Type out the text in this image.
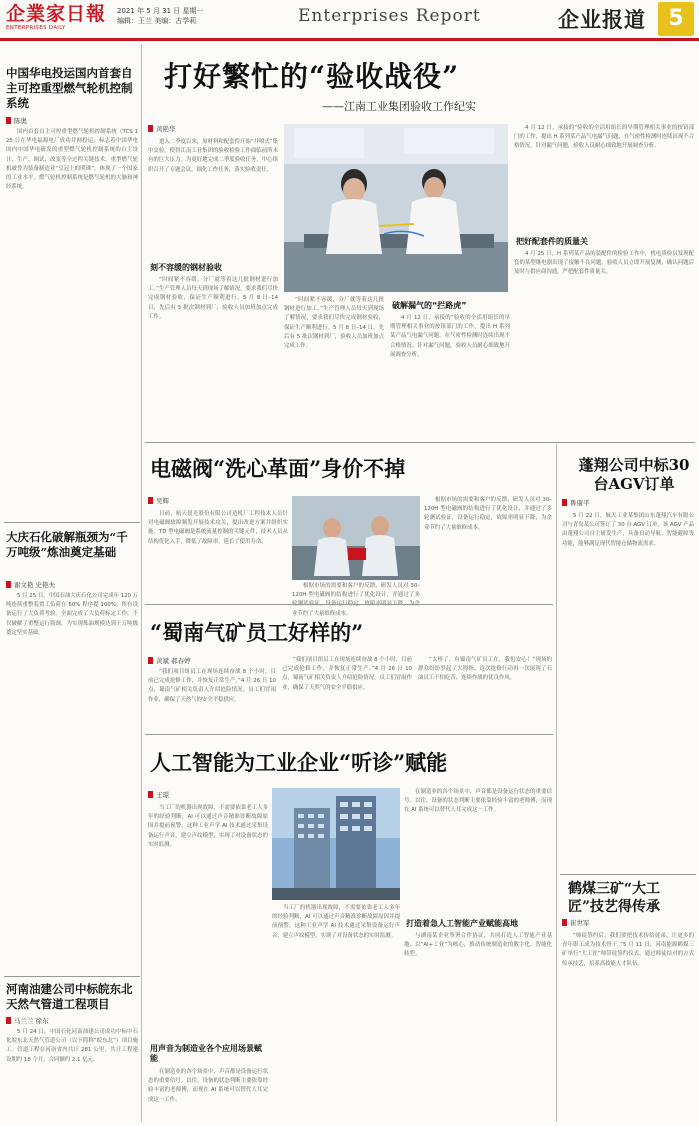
企業家日報
ENTERPRISES DAILY
2021 年 5 月 31 日 星期一
编辑：王兰 美编：古学莉	Enterprises Report	企业报道	5
中国华电投运国内首套自主可控重型燃气轮机控制系统
陈奥

国内首套自主可控重型燃气轮机控制系统（TCS 125 日在华电福源电厂成功并网投运，标志着中国华电国内中国华电研发的重型燃气轮机控制系统的自主设计，生产、调试，改变等全过程关键技术。重型燃气轮机被誉为装备制造业“皇冠上的明珠”，体现了一个国家的工业水平。燃气轮机控制系统是燃气轮机的大脑和神经系统。

大庆石化破解瓶颈为“千万吨级”炼油奠定基础
谢文艳 史艳夫

5 月 25 日，中国石油大庆石化公司完成年 120 万吨连续重整装置工负荷在 60% 程序提 100%，所有设备运行了大负荷考验。全面完成了大负荷标定工作，不仅破解了重整运行瓶颈，为实现炼油规模达到千万吨级奠定坚实基础。

河南油建公司中标皖东北天然气管道工程项目
马兰兰 徐东

5 月 24 日，中国石化河南油建公司成功中标中石化皖东北天然气管道公司（以下简称“皖东北”）项目施工。管道工程在河南省内共计 281 公里，共计工程建设期约 18 个月，合同额约 2.1 亿元。

打好繁忙的“验收战役”
——江南工业集团验收工作纪实
黄艳华

进入二季度以来，原材料和配套件开始“井喷式”集中交验，使得江南工业集团的验收检验工作面临前所未有的巨大压力。为更好地完成二季度验收任务，中心组织召开了专题会议，细化工作任务，落实验收责任。

刻不容缓的钢材验收

“时间紧不容缓，分厂就等着这几批钢材进行加工。”生产管理人员每天到现场了解情况，要求我们尽快完成钢材验收，保证生产顺利进行。5 月 8 日–14 日，先后有 5 批次钢材到厂，验收人员加班加点完成工作。

“时间紧不容缓，分厂就等着这几批钢材进行加工。”生产管理人员每天到现场了解情况，要求我们尽快完成钢材验收，保证生产顺利进行。5 月 8 日–14 日，先后有 5 批次钢材到厂，验收人员加班加点完成工作。

破解漏气的“拦路虎”

4 月 12 日，承接的“验收的全活用组长的早期管理相关事业的按钮部门的工作，提出 H 系列某产品气电漏气问题，在气密性检测时连续出现不合格情况。针对漏气问题，验收人员耐心细致地开展调查分析。

4 月 12 日，承接的“验收的全活用组长的早期管理相关事业的按钮部门的工作，提出 H 系列某产品气电漏气问题，在气密性检测时连续出现不合格情况。针对漏气问题，验收人员耐心细致地开展调查分析。

把好配套件的质量关

4 月 25 日，H 系列某产品的装配件的检验工作中，机电质检员发现配套的某型继电器出现了接触不良问题。验收人员立即开展复测，确认问题后及时与供应商沟通，严把配套件质量关。

电磁阀“洗心革面”身价不掉
吴辉

日前，航天晨光股份有限公司造机厂工程技术人员针对电磁阀故障频发开展技术攻关，提出改进方案并组织实施。TD 型电磁阀是系统流量控制的关键元件，技术人员从结构优化入手，降低了故障率，延长了使用寿命。

根据市场的需要和客户的反馈，研发人员对 30–120H 型电磁阀的结构进行了优化设计，并通过了多 业节约了大量维修成本。

根据市场的需要和客户的反馈，研发人员对 30–120H 型电磁阀的结构进行了优化设计，并通过了多轮测试验证，设备运行稳定，故障率明显下降，为企业节约了大量维修成本。

“蜀南气矿员工好样的”
黄斌 郝春婷

“我们项目组员工在现场连续奋战 8 个小时，目前已完成抢修工作，并恢复正常生产。”4 月 26 日 10 点，蜀南气矿相关负责人介绍抢险情况。员工们冒雨作业，确保了天然气的安全平稳供应。

“我们项目组员工在现场连续奋战 8 个小时，目前已完成抢修工作，并恢复正常生产。”4 月 26 日 10 点，蜀南气矿相关负责人介绍抢险情况。员工们冒雨作业，确保了天然气的安全平稳供应。

“太棒了，有蜀南气矿员工在，我们安心！”现场的群众纷纷竖起了大拇指。这次抢修行动再一次展现了石油员工不怕吃苦、连续作战的优良作风。

人工智能为工业企业“听诊”赋能
王璟

当工厂的机器出现故障，不需要依靠老工人多年的经验判断，AI 可以通过声音精准诊断故障原因并提前预警。这种工业声学 AI 技术通过采集设备运行声音，建立声纹模型，实现了对设备状态的实时监测。

用声音为制造业各个应用场景赋能

在制造业的各个场景中，声音都是设备运行状态的重要信号。以往，设备的状态判断主要依靠经验丰富的老师傅，而现在 AI 系统可以替代人耳完成这一工作。

当工厂的机器出现故障，不需要依靠老工人多年的经验判断，AI 可以通过声音精准诊断故障原因并提前预警。这种工业声学 AI 技术通过采集设备运行声音，建立声纹模型，实现了对设备状态的实时监测。

在制造业的各个场景中，声音都是设备运行状态的重要信号。以往，设备的状态判断主要依靠经验丰富的老师傅，而现在 AI 系统可以替代人耳完成这一工作。

打造着急人工智能产业赋能高地

与湖南某企业签署合作协议，共同打造人工智能产业基地，以“AI+工业”为核心，推动传统制造业的数字化、智能化转型。

蓬翔公司中标30台AGV订单
鲁康平

5 月 22 日，航天工业某集团山东蓬翔汽车有限公司与青岛某公司签订了 30 台 AGV 订单。该 AGV 产品由蓬翔公司自主研发生产，具备自动导航、智能避障等功能，能够满足现代智能仓储物流需求。

鹤煤三矿“大工匠”技艺得传承
崔世军

“师徒签约后，我们要把技术传给徒弟，让更多的青年职工成为技术骨干。”5 月 11 日，河南能源鹤煤三矿举行“大工匠”师带徒签约仪式，通过师徒结对的方式传承技艺，培养高技能人才队伍。
